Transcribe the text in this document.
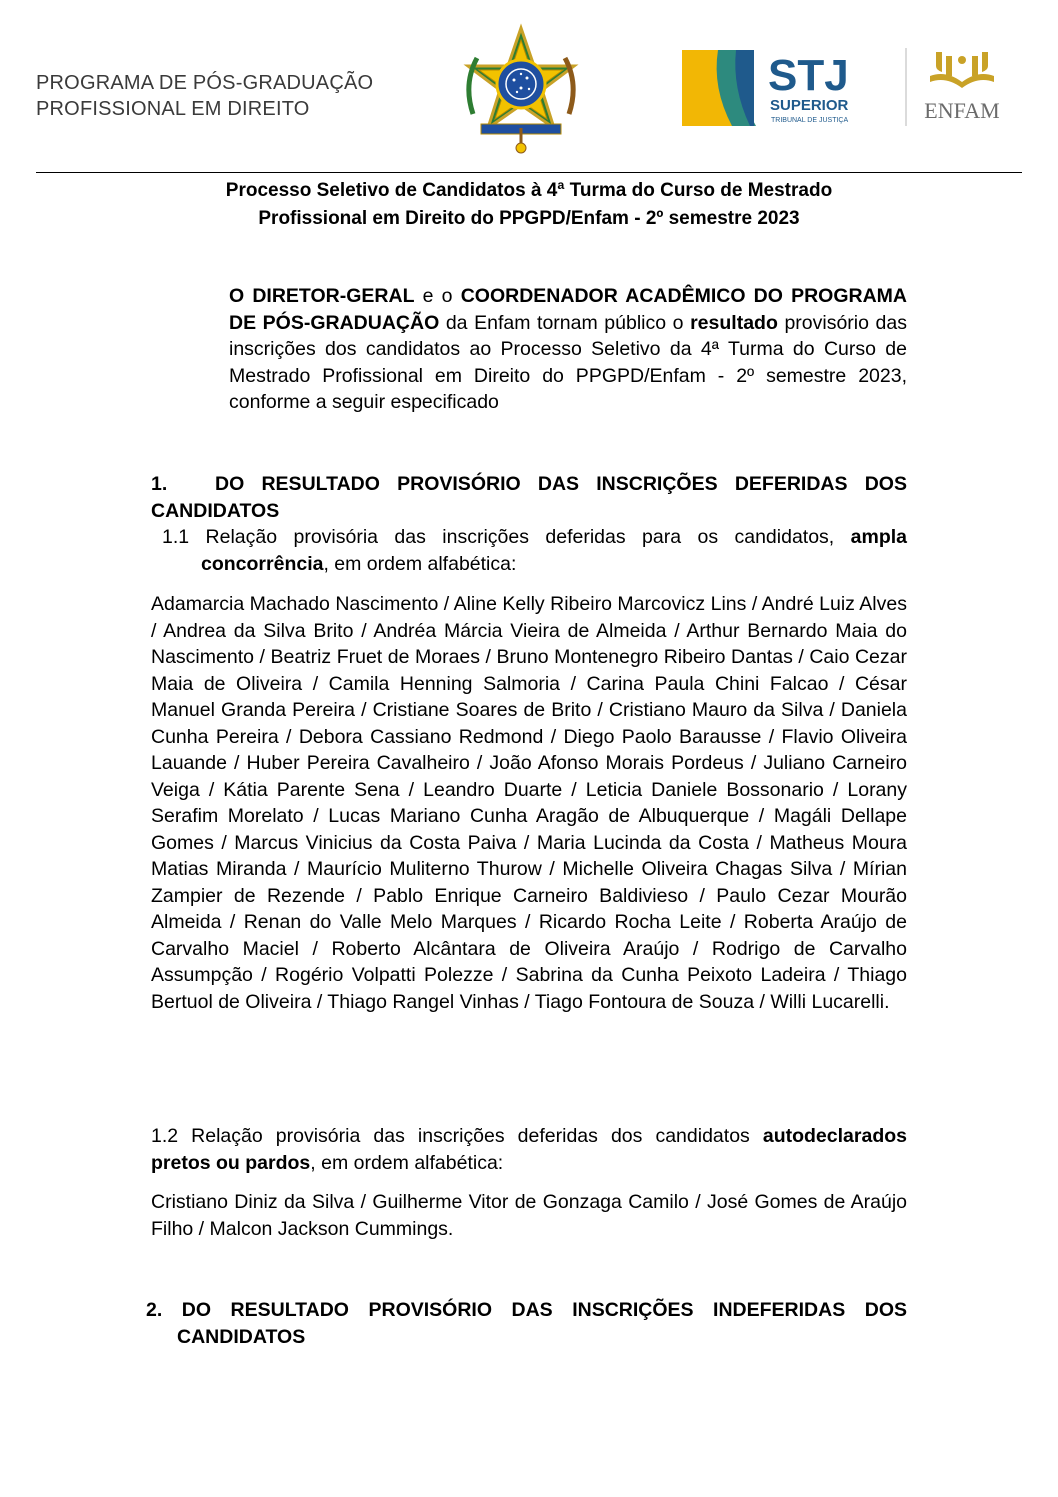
PROGRAMA DE PÓS-GRADUAÇÃO
PROFISSIONAL EM DIREITO
STJ
SUPERIOR
TRIBUNAL DE JUSTIÇA	ENFAM
Processo Seletivo de Candidatos à 4ª Turma do Curso de Mestrado
Profissional em Direito do PPGPD/Enfam - 2º semestre 2023
O DIRETOR-GERAL e o COORDENADOR ACADÊMICO DO PROGRAMA DE PÓS-GRADUAÇÃO da Enfam tornam público o resultado provisório das inscrições dos candidatos ao Processo Seletivo da 4ª Turma do Curso de Mestrado Profissional em Direito do PPGPD/Enfam - 2º semestre 2023, conforme a seguir especificado
1. DO RESULTADO PROVISÓRIO DAS INSCRIÇÕES DEFERIDAS DOS CANDIDATOS
1.1 Relação provisória das inscrições deferidas para os candidatos, ampla concorrência, em ordem alfabética:
Adamarcia Machado Nascimento / Aline Kelly Ribeiro Marcovicz Lins / André Luiz Alves / Andrea da Silva Brito / Andréa Márcia Vieira de Almeida / Arthur Bernardo Maia do Nascimento / Beatriz Fruet de Moraes / Bruno Montenegro Ribeiro Dantas / Caio Cezar Maia de Oliveira / Camila Henning Salmoria / Carina Paula Chini Falcao / César Manuel Granda Pereira / Cristiane Soares de Brito / Cristiano Mauro da Silva / Daniela Cunha Pereira / Debora Cassiano Redmond / Diego Paolo Barausse / Flavio Oliveira Lauande / Huber Pereira Cavalheiro / João Afonso Morais Pordeus / Juliano Carneiro Veiga / Kátia Parente Sena / Leandro Duarte / Leticia Daniele Bossonario / Lorany Serafim Morelato / Lucas Mariano Cunha Aragão de Albuquerque / Magáli Dellape Gomes / Marcus Vinicius da Costa Paiva / Maria Lucinda da Costa / Matheus Moura Matias Miranda / Maurício Muliterno Thurow / Michelle Oliveira Chagas Silva / Mírian Zampier de Rezende / Pablo Enrique Carneiro Baldivieso / Paulo Cezar Mourão Almeida / Renan do Valle Melo Marques / Ricardo Rocha Leite / Roberta Araújo de Carvalho Maciel / Roberto Alcântara de Oliveira Araújo / Rodrigo de Carvalho Assumpção / Rogério Volpatti Polezze / Sabrina da Cunha Peixoto Ladeira / Thiago Bertuol de Oliveira / Thiago Rangel Vinhas / Tiago Fontoura de Souza / Willi Lucarelli.
1.2 Relação provisória das inscrições deferidas dos candidatos autodeclarados pretos ou pardos, em ordem alfabética:
Cristiano Diniz da Silva / Guilherme Vitor de Gonzaga Camilo / José Gomes de Araújo Filho / Malcon Jackson Cummings.
2. DO RESULTADO PROVISÓRIO DAS INSCRIÇÕES INDEFERIDAS DOS CANDIDATOS
